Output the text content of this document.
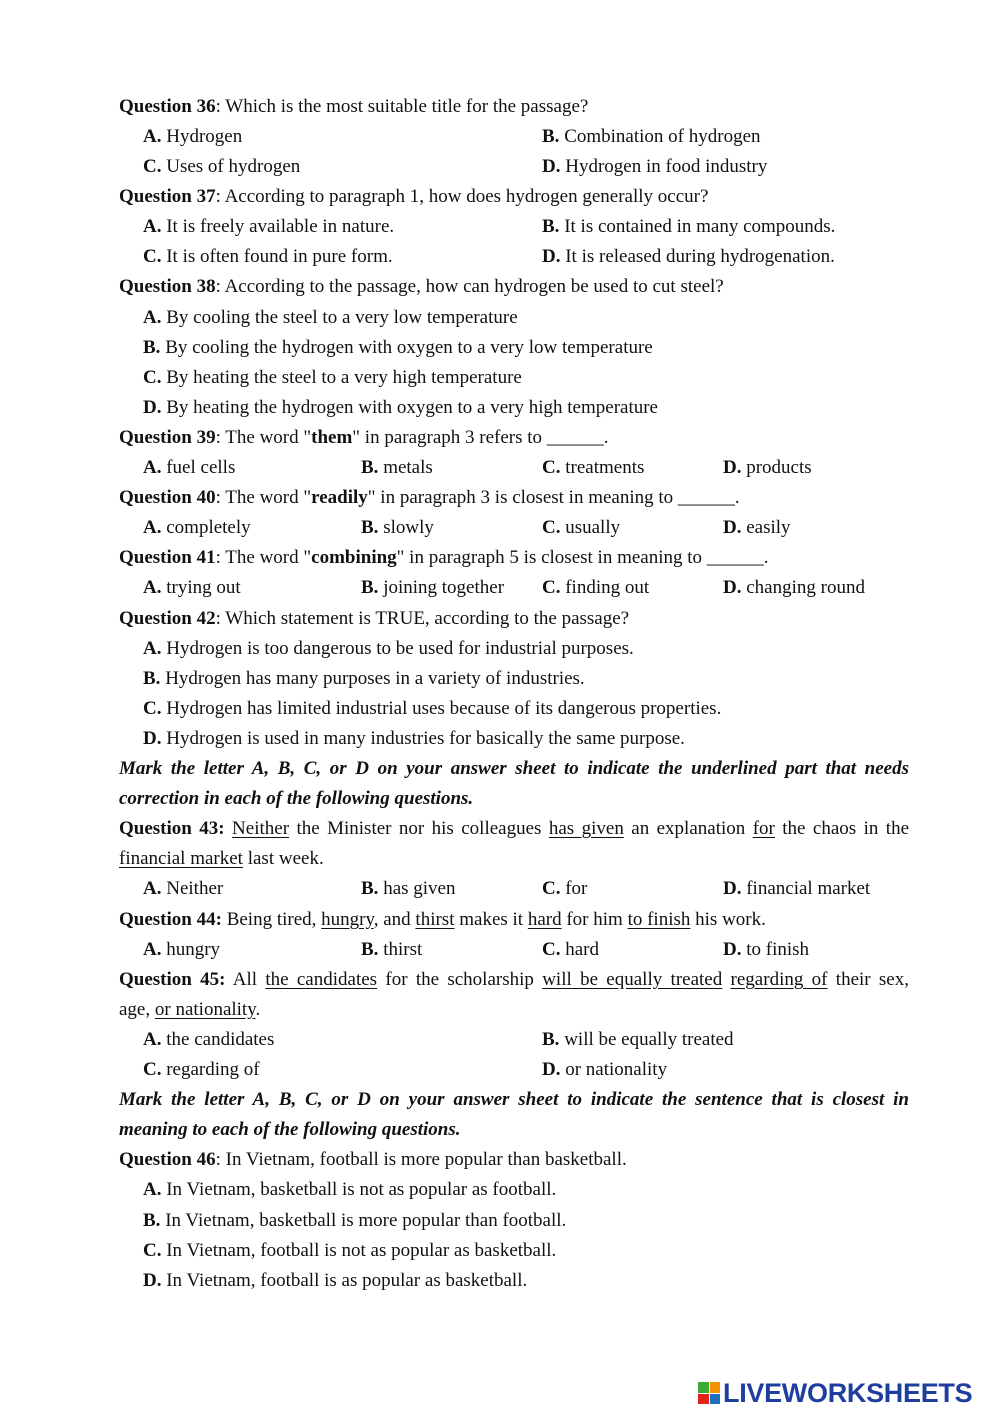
Question 36: Which is the most suitable title for the passage?
A. Hydrogen	B. Combination of hydrogen
C. Uses of hydrogen	D. Hydrogen in food industry
Question 37: According to paragraph 1, how does hydrogen generally occur?
A. It is freely available in nature.	B. It is contained in many compounds.
C. It is often found in pure form.	D. It is released during hydrogenation.
Question 38: According to the passage, how can hydrogen be used to cut steel?
A. By cooling the steel to a very low temperature
B. By cooling the hydrogen with oxygen to a very low temperature
C. By heating the steel to a very high temperature
D. By heating the hydrogen with oxygen to a very high temperature
Question 39: The word "them" in paragraph 3 refers to ______.
A. fuel cells	B. metals	C. treatments	D. products
Question 40: The word "readily" in paragraph 3 is closest in meaning to ______.
A. completely	B. slowly	C. usually	D. easily
Question 41: The word "combining" in paragraph 5 is closest in meaning to ______.
A. trying out	B. joining together C. finding out	D. changing round
Question 42: Which statement is TRUE, according to the passage?
A. Hydrogen is too dangerous to be used for industrial purposes.
B. Hydrogen has many purposes in a variety of industries.
C. Hydrogen has limited industrial uses because of its dangerous properties.
D. Hydrogen is used in many industries for basically the same purpose.
Mark the letter A, B, C, or D on your answer sheet to indicate the underlined part that needs
correction in each of the following questions.
Question 43: Neither the Minister nor his colleagues has given an explanation for the chaos in the
financial market last week.
A. Neither	B. has given	C. for	D. financial market
Question 44: Being tired, hungry, and thirst makes it hard for him to finish his work.
A. hungry	B. thirst	C. hard	D. to finish
Question 45: All the candidates for the scholarship will be equally treated regarding of their sex,
age, or nationality.
A. the candidates	B. will be equally treated
C. regarding of	D. or nationality
Mark the letter A, B, C, or D on your answer sheet to indicate the sentence that is closest in
meaning to each of the following questions.
Question 46: In Vietnam, football is more popular than basketball.
A. In Vietnam, basketball is not as popular as football.
B. In Vietnam, basketball is more popular than football.
C. In Vietnam, football is not as popular as basketball.
D. In Vietnam, football is as popular as basketball.
LIVEWORKSHEETS
